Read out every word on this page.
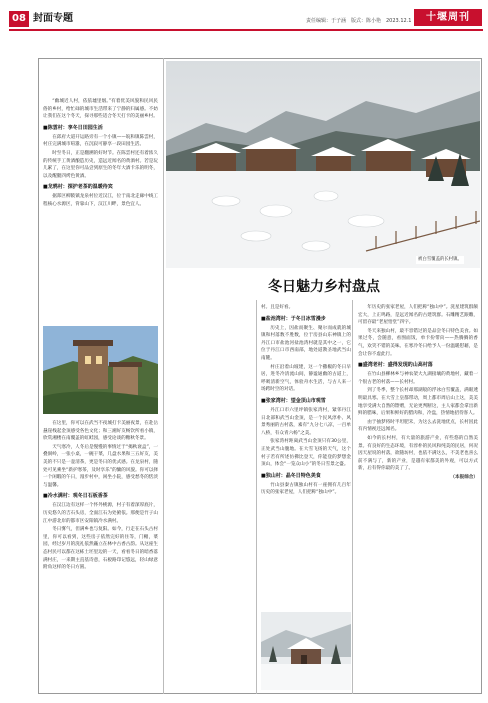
08 封面专题	责任编辑：于子涵　版式：陈小艳　2023.12.1	十堰周刊
被白雪覆盖的长村镇。
冬日魅力乡村盘点

“幽城近人村，依依墟里烟。”有着优美风貌和民风民俗的乡村，给忙碌的城市生活带来了宁静的归属感。不妨让我们在这个冬天，探寻那些适合冬天打卡的美丽乡村。

■陈雲村：享冬日田园生活

在邱府大道开运路旁有一个小镇——皖和镇陈雲村，村庄完满城市喧嚣，在沉寂可静享一段田园生活。

时至冬日，正是翻溯的好时节。在陈雲村还有着浓久的传统手工黄酒酿造历史，造远近闻名的黄酒村。若是玩儿累了，在这里你可品尝到原生的冬年大酒卡乐的明冬，以及醒腿四烤色黄酒。

■龙鸦村：探护老茶的温暖待宾

据郑区柳陂镇龙泉村位近汉江，位于南北走廊中线工程核心水源区，背靠山下，汉江川畔，景色宜人。

在这里，你可以在武当不夜城打卡美丽夜景，在赴岳悬崖栈起金顶感受各色文化；和三湘好友畅饮所看小镇，欣赏湘楼在南覆盖的虹鲑园，感受论谈的糖秋冬景。

天气寒冷，人冬后是慢慢的事情过于“揭秋衰盒”，一叠洞岭，一张小桌，一碗干菜，几盘水果和三五好友，美美的不只是一壶清茶，更是冬日的优式感。在龙泉村，随处可见乘坐“新护寒茶，及时享乐”的慵的风貌。你可以择一个闲暇的午日，漫步村中，闲坐小院，感受愁冬的恬淡与温馨。

■冷水满村：观冬日石板香茶

在汉江边有这样一个怀外桃源，村子有着深厚底片，历史悠久的吉石头房，全面江石为处俯依。那便是竹子山江中游北岸的都市区安阳镇冷水满村。

冬日雾气，但满乡也与复阳。如今，行走在石头古村里，你可以看到，这些房子依然完好的住等，门楣，菜园，经过岁月的洗礼依然矗立在林中古香古韵。从这座生态村民可以都在这栋土坯里边的一天，看看冬日的暗香落满村庄，一来期主直基诗意，石板路印记悠远，轻山绿意附角这样的冬日方圆。

村。且是好看。

■盐池湾村：于冬日冰雪漫步

历史上，因盐而聚生、聚尔而成就的城镇和村落数不胜数，位于房县山东神镇上的丹江口市盐池河盐池湾村就是其中之一，它位于丹江口市西南部，地处道教圣地武当山南麓。

村庄沿着山坡建，这一个撒椒的冬日早居，进冬冷清流山间，静谧通幽的古道上，呼吸清新空气，体验舟水生活，与古人来一场跨时空的对话。

■张家湾村：望金顶山市观雪

丹江口市六里坪镇张家湾村，紧邻丹江日北部和武当山金顶，是一个民风淳朴、风景秀丽的古村落，素有“九分七八凉，一百单八桥，有众青六杨”之美。

张家湾村距离武当山金顶只有30公里，正处武当山腹地。在大雪飞扬的天气，这个村子若有所述仿佛比登天，你能登的梦想金顶山，体会“一览众山小”的冬日雪景之盛。

■独山村：晶冬日特色美食

竹山县秦古镇独山村有一座拥有几百年历史的张家老屋，人们把称“独山中”。

年历史的张家老屋，人们把称“独山中”。洗星建筑群颇宏大，上正鸣路，是远近闻名的古建筑群。石雕精艺跟雕，可留存最“老屋悟堂”四字。

冬天来独山村，最不容错过的是品尝冬日特色美食。如果过冬，会随意，看图面饭，单卡扮带向——热腾腾的香气，欢笑不错的美味。在寒冷冬日给予人一份温暖慰藉，是会让你不虚此行。

■盛湾老村：盛得发现的山高村落

在竹山县柳林乡与神农架大九湖接壤的黄地村，藏着一个很古老的村落——长村村。

到了冬季，整个长村却那湖般的浮冰白雪覆盖，满眼透明最具寒。在大雪上皇都带动，周上都市周后山上这，美美地享受满大自然的馈赠，无论更判断这，主人家都会拿出新鲜的腊味，后果和鲜好的腊肉和，冷盘，热情地招待客人。

由于抽梦将时半坦肥禾，为这么去洗地优点，长村因此有内情视还远闻名。

如今的长村村，有大量的旅游产业，有些悠的自然美景。有良好的生态环境，有淳朴的民风和纯美的民居，何况因天屋说的村落，欲随坊村，也依不满这么，不美老也喜么前不满与了，新的产业，是越有家都美的外观，可以方式新，后有得你最的美了了。

（本报综合）
